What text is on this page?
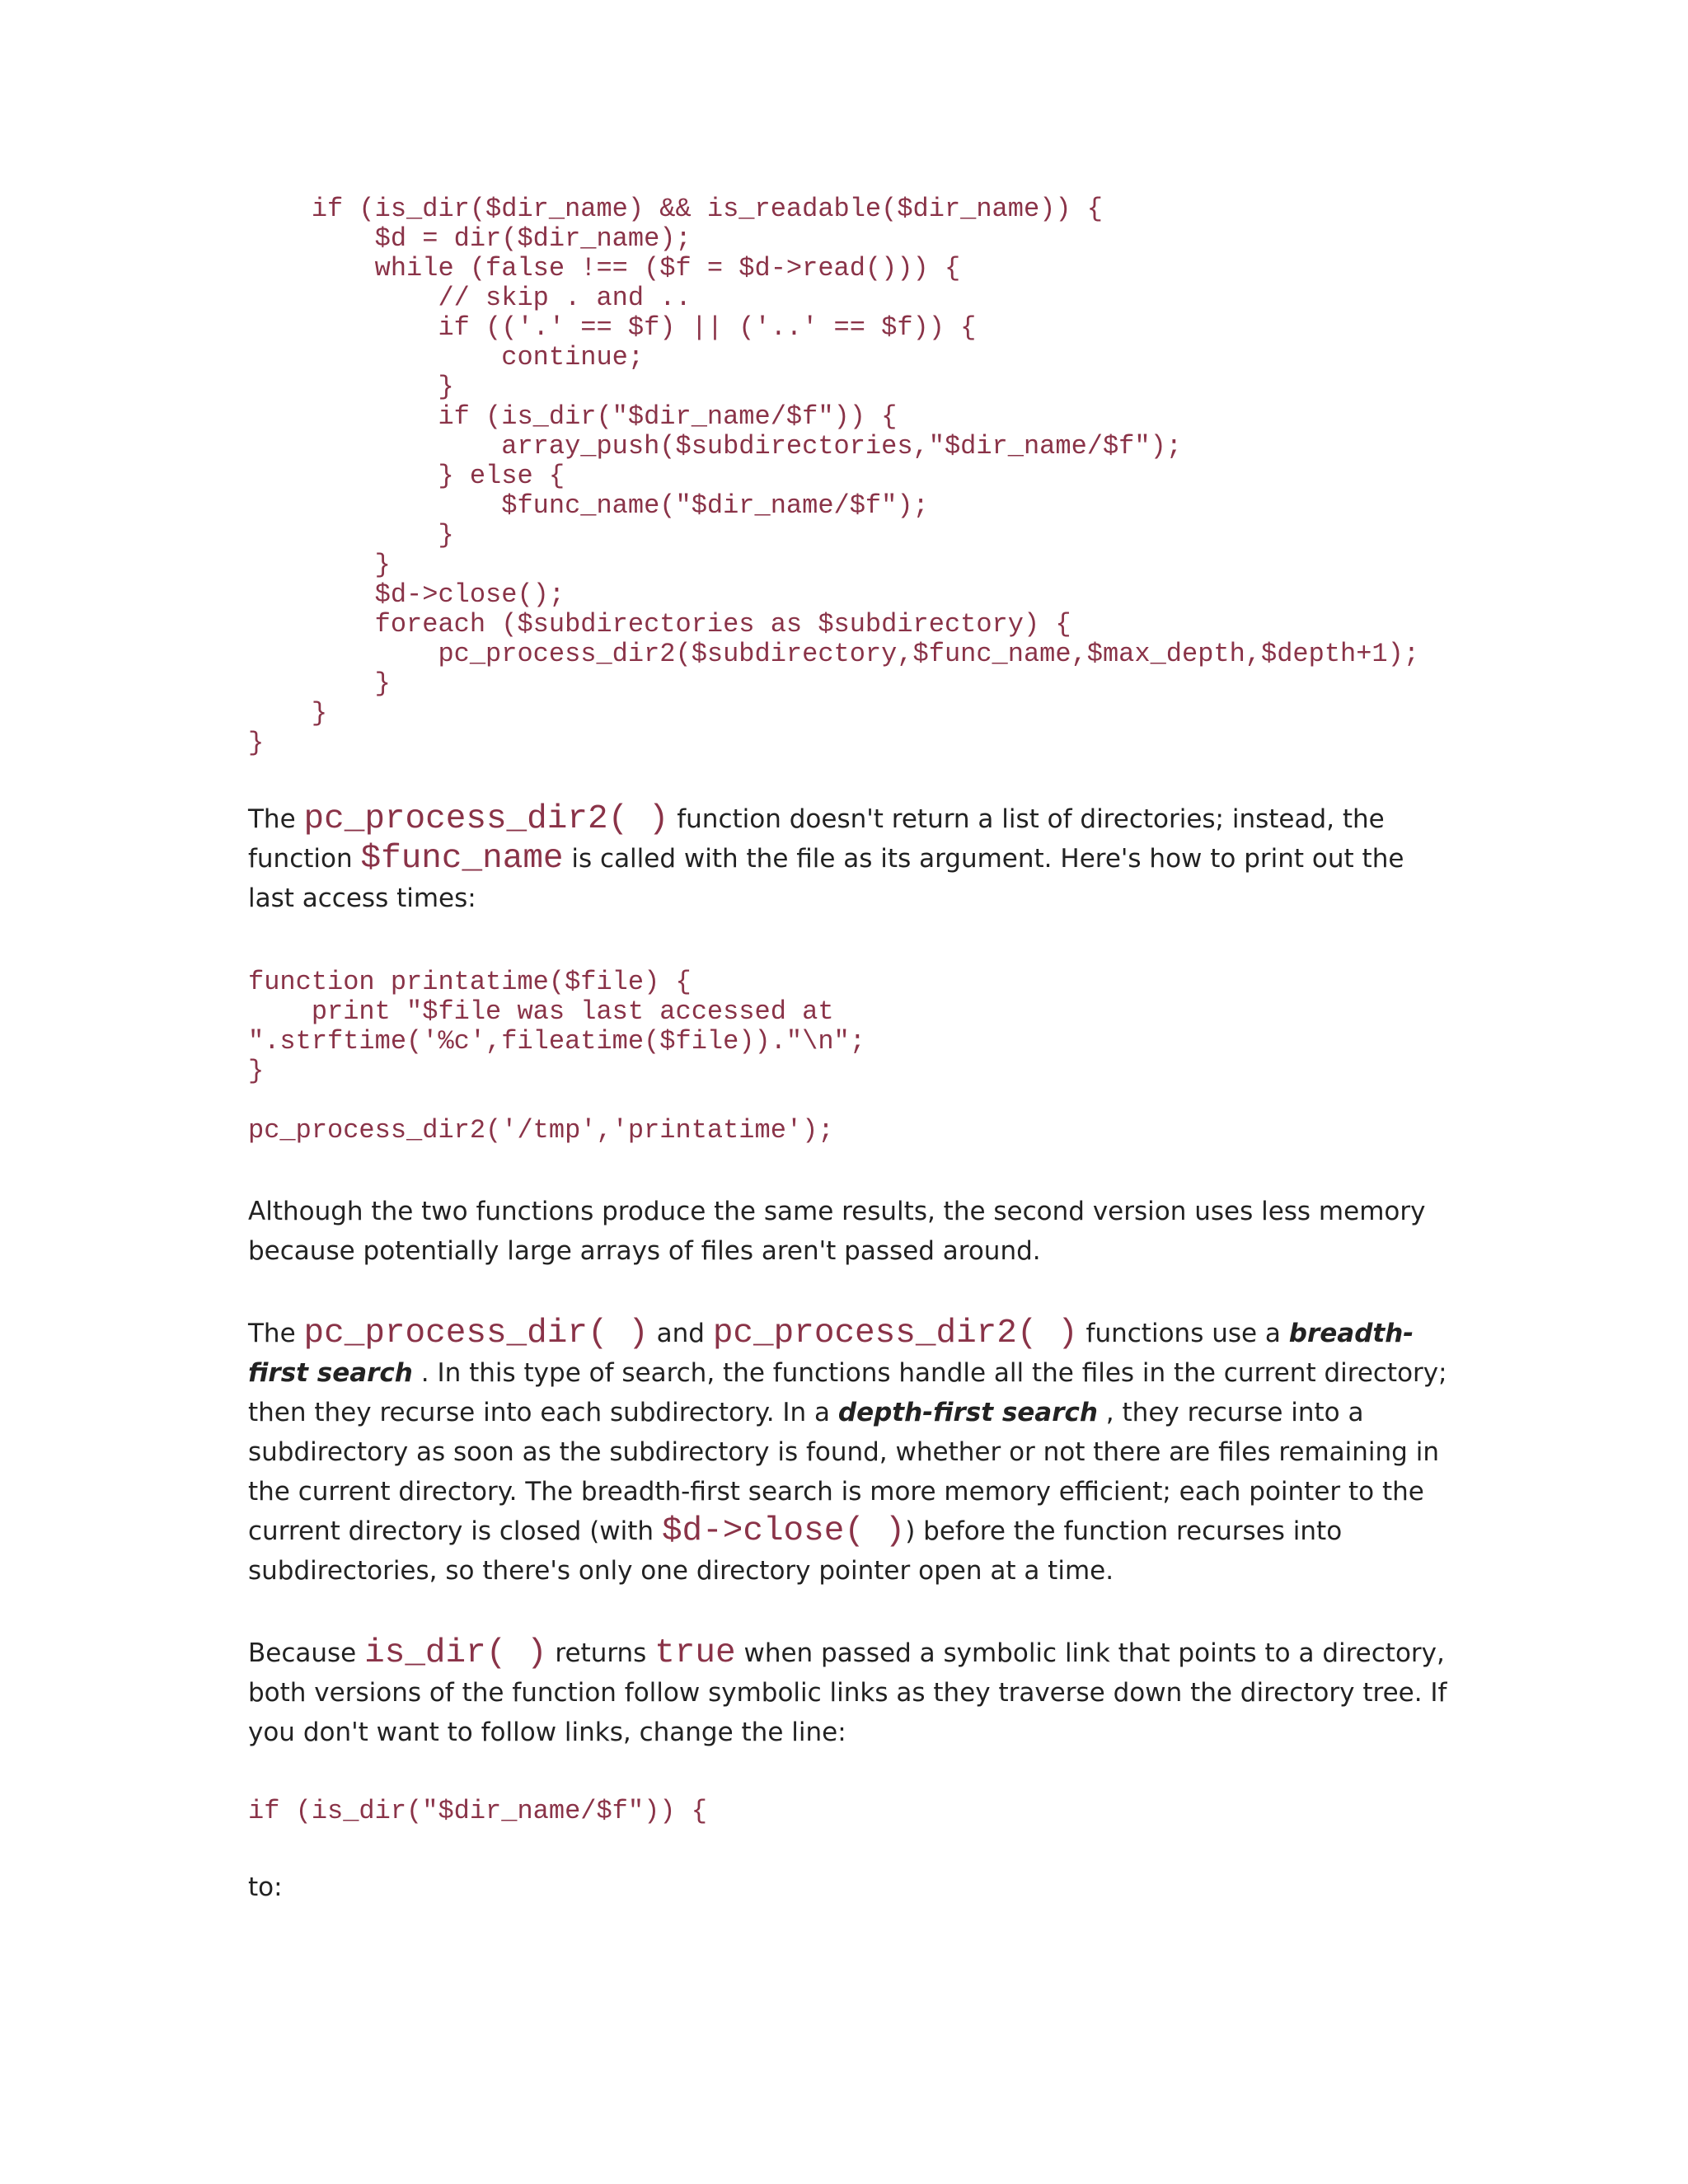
if (is_dir($dir_name) && is_readable($dir_name)) {
$d = dir($dir_name);
while (false !== ($f = $d->read())) {
// skip . and ..
if (('.' == $f) || ('..' == $f)) {
continue;
}
if (is_dir("$dir_name/$f")) {
array_push($subdirectories,"$dir_name/$f");
} else {
$func_name("$dir_name/$f");
}
}
$d->close();
foreach ($subdirectories as $subdirectory) {
pc_process_dir2($subdirectory,$func_name,$max_depth,$depth+1);
}
}
}

The pc_process_dir2( ) function doesn't return a list of directories; instead, the function $func_name is called with the file as its argument. Here's how to print out the last access times:

function printatime($file) {
print "$file was last accessed at
".strftime('%c',fileatime($file))."\n";
}
pc_process_dir2('/tmp','printatime');

Although the two functions produce the same results, the second version uses less memory because potentially large arrays of files aren't passed around.

The pc_process_dir( ) and pc_process_dir2( ) functions use a breadth-first search . In this type of search, the functions handle all the files in the current directory; then they recurse into each subdirectory. In a depth-first search , they recurse into a subdirectory as soon as the subdirectory is found, whether or not there are files remaining in the current directory. The breadth-first search is more memory efficient; each pointer to the current directory is closed (with $d->close( )) before the function recurses into subdirectories, so there's only one directory pointer open at a time.

Because is_dir( ) returns true when passed a symbolic link that points to a directory, both versions of the function follow symbolic links as they traverse down the directory tree. If you don't want to follow links, change the line:

if (is_dir("$dir_name/$f")) {

to:
